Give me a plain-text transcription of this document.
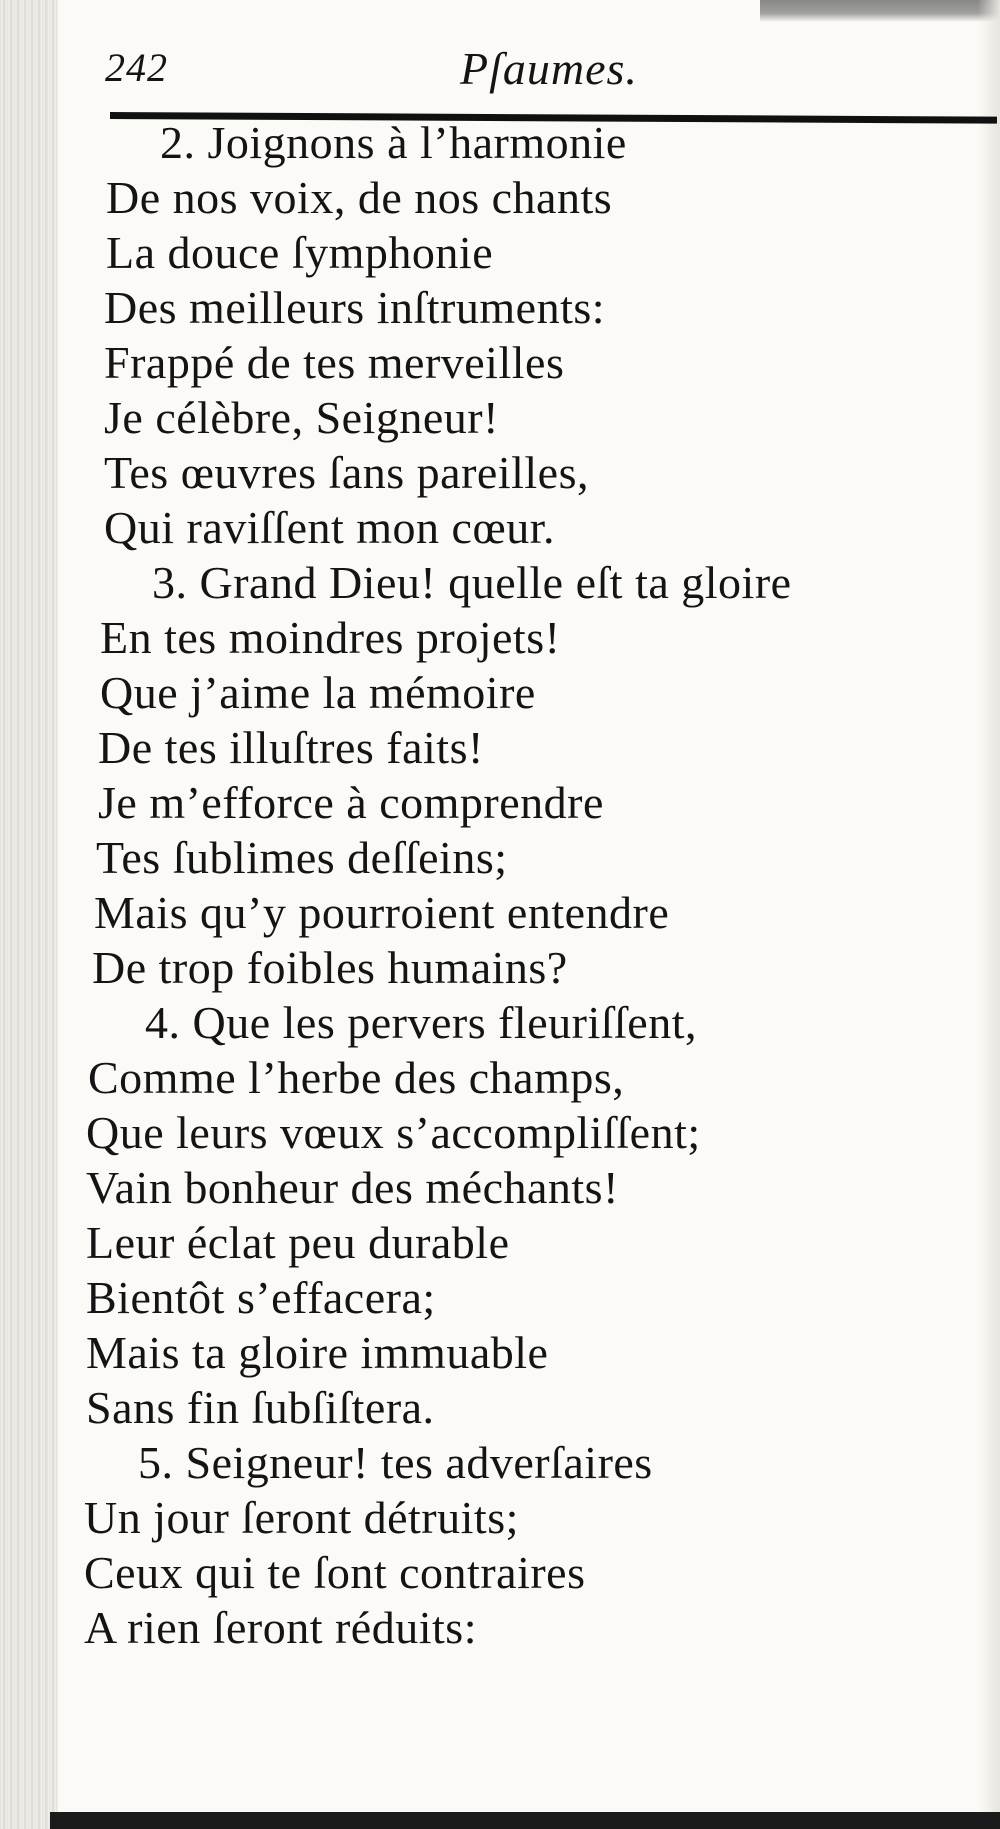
242	Pſaumes.
2. Joignons à l’harmonie
De nos voix, de nos chants
La douce ſymphonie
Des meilleurs inſtruments:
Frappé de tes merveilles
Je célèbre, Seigneur!
Tes œuvres ſans pareilles,
Qui raviſſent mon cœur.
3. Grand Dieu! quelle eſt ta gloire
En tes moindres projets!
Que j’aime la mémoire
De tes illuſtres faits!
Je m’efforce à comprendre
Tes ſublimes deſſeins;
Mais qu’y pourroient entendre
De trop foibles humains?
4. Que les pervers fleuriſſent,
Comme l’herbe des champs,
Que leurs vœux s’accompliſſent;
Vain bonheur des méchants!
Leur éclat peu durable
Bientôt s’effacera;
Mais ta gloire immuable
Sans fin ſubſiſtera.
5. Seigneur! tes adverſaires
Un jour ſeront détruits;
Ceux qui te ſont contraires
A rien ſeront réduits:
